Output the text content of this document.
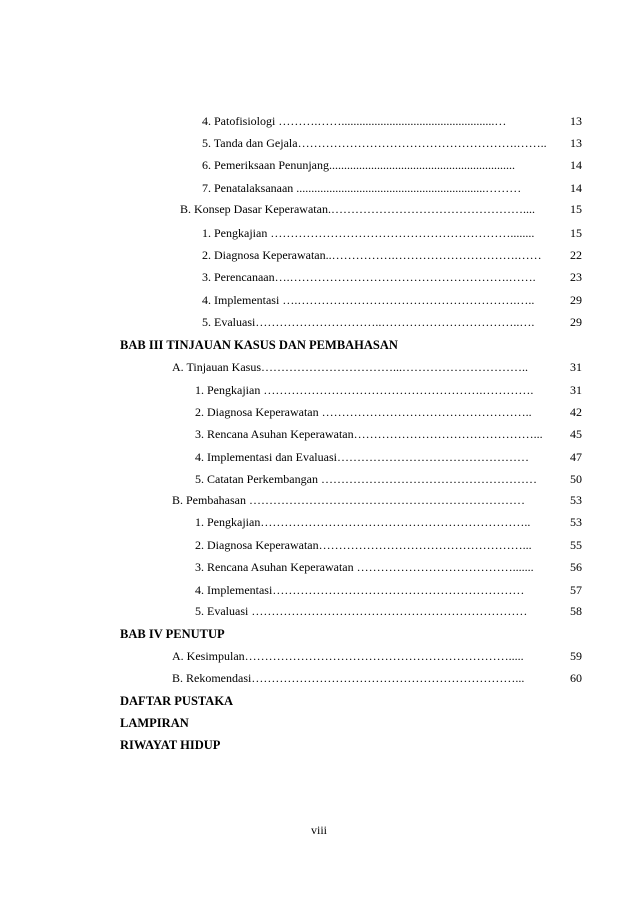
4. Patofisiologi ……….……...................................................…	13
5. Tanda dan Gejala……………………………………………….……..	13
6. Pemeriksaan Penunjang..............................................................	14
7. Penatalaksanaan ...............................................................………	14
B. Konsep Dasar Keperawatan.…………………………………………....	15
1. Pengkajian ……………………………………………………........	15
2. Diagnosa Keperawatan..…………….………………………….……	22
3. Perencanaan….……………………………………………….…….	23
4. Implementasi ….……………………………………………….…..	29
5. Evaluasi…………………………..……………………………..….	29
BAB III TINJAUAN KASUS DAN PEMBAHASAN
A. Tinjauan Kasus……………………………...…………………………..	31
1. Pengkajian ……………………………………………….………….	31
2. Diagnosa Keperawatan ……………………………………………..	42
3. Rencana Asuhan Keperawatan………………………………………...	45
4. Implementasi dan Evaluasi…………………………………………	47
5. Catatan Perkembangan ………………………………………………	50
B. Pembahasan ……………………………………………………………	53
1. Pengkajian…………………………………………………………..	53
2. Diagnosa Keperawatan……………………………………………...	55
3. Rencana Asuhan Keperawatan ………………………………….......	56
4. Implementasi………………………………………………………	57
5. Evaluasi ……………………………………………………………	58
BAB IV PENUTUP
A. Kesimpulan………………………………………………………….....	59
B. Rekomendasi…………………………………………………………...	60
DAFTAR PUSTAKA
LAMPIRAN
RIWAYAT HIDUP
viii
